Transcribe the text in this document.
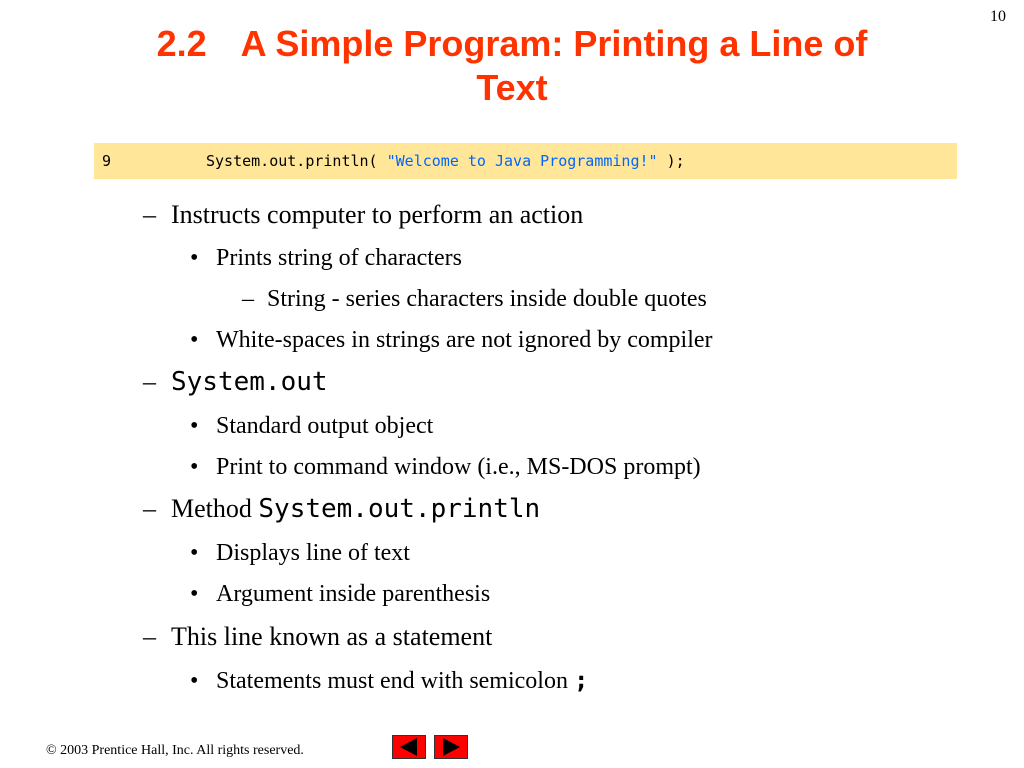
10
2.2 A Simple Program: Printing a Line of
Text
9	System.out.println( "Welcome to Java Programming!" );
– Instructs computer to perform an action
• Prints string of characters
– String - series characters inside double quotes
• White-spaces in strings are not ignored by compiler
– System.out
• Standard output object
• Print to command window (i.e., MS-DOS prompt)
– Method System.out.println
• Displays line of text
• Argument inside parenthesis
– This line known as a statement
• Statements must end with semicolon ;
© 2003 Prentice Hall, Inc. All rights reserved.
